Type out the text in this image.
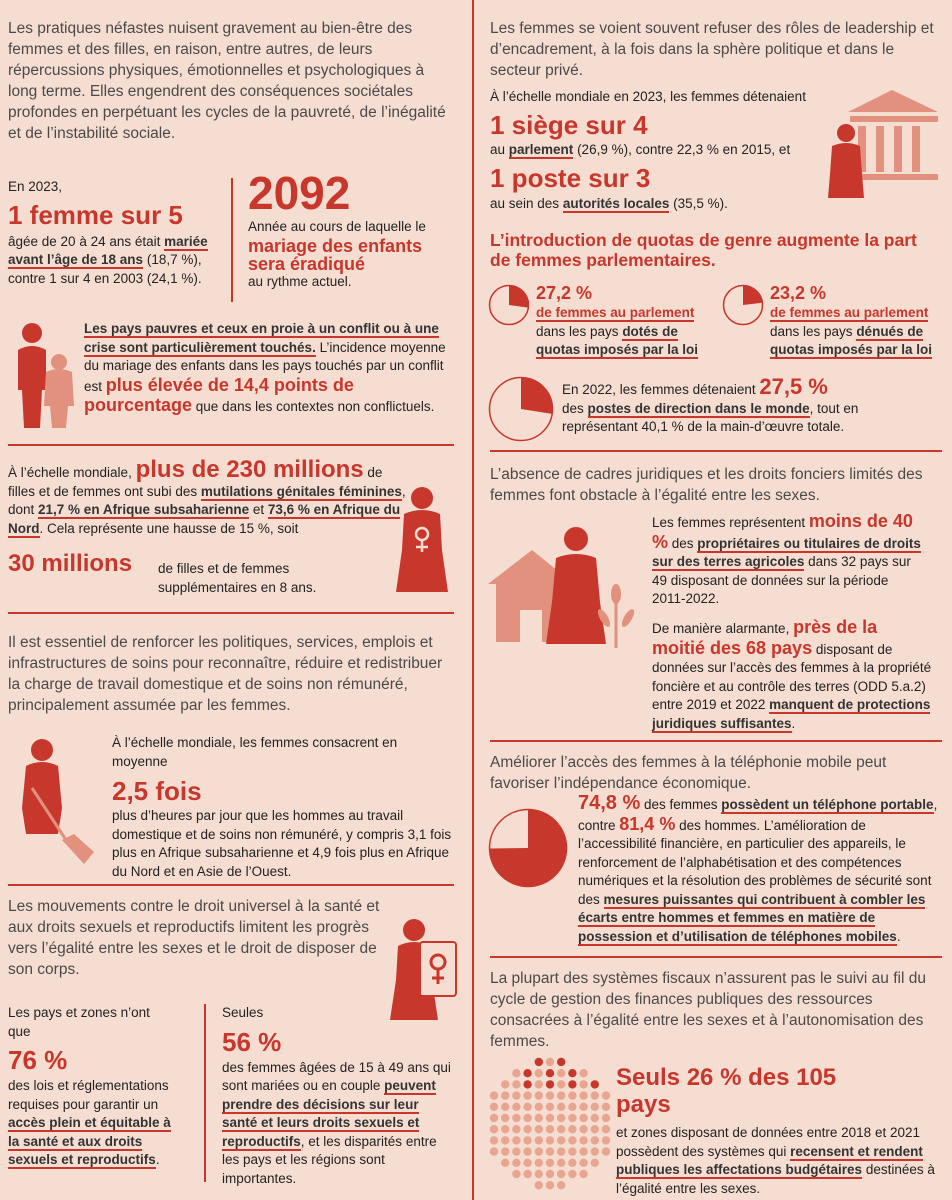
Les pratiques néfastes nuisent gravement au bien-être des femmes et des filles, en raison, entre autres, de leurs répercussions physiques, émotionnelles et psychologiques à long terme. Elles engendrent des conséquences sociétales profondes en perpétuant les cycles de la pauvreté, de l’inégalité et de l’instabilité sociale.
En 2023,
1 femme sur 5
âgée de 20 à 24 ans était mariée avant l’âge de 18 ans (18,7 %), contre 1 sur 4 en 2003 (24,1 %).
2092
Année au cours de laquelle le
mariage des enfants sera éradiqué
au rythme actuel.
Les pays pauvres et ceux en proie à un conflit ou à une crise sont particulièrement touchés. L’incidence moyenne du mariage des enfants dans les pays touchés par un conflit est plus élevée de 14,4 points de pourcentage que dans les contextes non conflictuels.
À l’échelle mondiale, plus de 230 millions de filles et de femmes ont subi des mutilations génitales féminines, dont 21,7 % en Afrique subsaharienne et 73,6 % en Afrique du Nord. Cela représente une hausse de 15 %, soit
30 millions de filles et de femmes supplémentaires en 8 ans.
Il est essentiel de renforcer les politiques, services, emplois et infrastructures de soins pour reconnaître, réduire et redistribuer la charge de travail domestique et de soins non rémunéré, principalement assumée par les femmes.
À l’échelle mondiale, les femmes consacrent en moyenne
2,5 fois
plus d’heures par jour que les hommes au travail domestique et de soins non rémunéré, y compris 3,1 fois plus en Afrique subsaharienne et 4,9 fois plus en Afrique du Nord et en Asie de l’Ouest.
Les mouvements contre le droit universel à la santé et aux droits sexuels et reproductifs limitent les progrès vers l’égalité entre les sexes et le droit de disposer de son corps.
Les pays et zones n’ont que
76 %
des lois et réglementations requises pour garantir un accès plein et équitable à la santé et aux droits sexuels et reproductifs.
Seules
56 %
des femmes âgées de 15 à 49 ans qui sont mariées ou en couple peuvent prendre des décisions sur leur santé et leurs droits sexuels et reproductifs, et les disparités entre les pays et les régions sont importantes.
Les femmes se voient souvent refuser des rôles de leadership et d’encadrement, à la fois dans la sphère politique et dans le secteur privé.
À l’échelle mondiale en 2023, les femmes détenaient
1 siège sur 4
au parlement (26,9 %), contre 22,3 % en 2015, et
1 poste sur 3
au sein des autorités locales (35,5 %).
L’introduction de quotas de genre augmente la part de femmes parlementaires.
27,2 %
de femmes au parlement
dans les pays dotés de quotas imposés par la loi
23,2 %
de femmes au parlement
dans les pays dénués de quotas imposés par la loi
En 2022, les femmes détenaient 27,5 %
des postes de direction dans le monde, tout en représentant 40,1 % de la main-d’œuvre totale.
L’absence de cadres juridiques et les droits fonciers limités des femmes font obstacle à l’égalité entre les sexes.
Les femmes représentent moins de 40 % des propriétaires ou titulaires de droits sur des terres agricoles dans 32 pays sur 49 disposant de données sur la période 2011-2022.
De manière alarmante, près de la moitié des 68 pays disposant de données sur l’accès des femmes à la propriété foncière et au contrôle des terres (ODD 5.a.2) entre 2019 et 2022 manquent de protections juridiques suffisantes.
Améliorer l’accès des femmes à la téléphonie mobile peut favoriser l’indépendance économique.
74,8 % des femmes possèdent un téléphone portable, contre 81,4 % des hommes. L’amélioration de l’accessibilité financière, en particulier des appareils, le renforcement de l’alphabétisation et des compétences numériques et la résolution des problèmes de sécurité sont des mesures puissantes qui contribuent à combler les écarts entre hommes et femmes en matière de possession et d’utilisation de téléphones mobiles.
La plupart des systèmes fiscaux n’assurent pas le suivi au fil du cycle de gestion des finances publiques des ressources consacrées à l’égalité entre les sexes et à l’autonomisation des femmes.
Seuls 26 % des 105 pays
et zones disposant de données entre 2018 et 2021 possèdent des systèmes qui recensent et rendent publiques les affectations budgétaires destinées à l’égalité entre les sexes.
